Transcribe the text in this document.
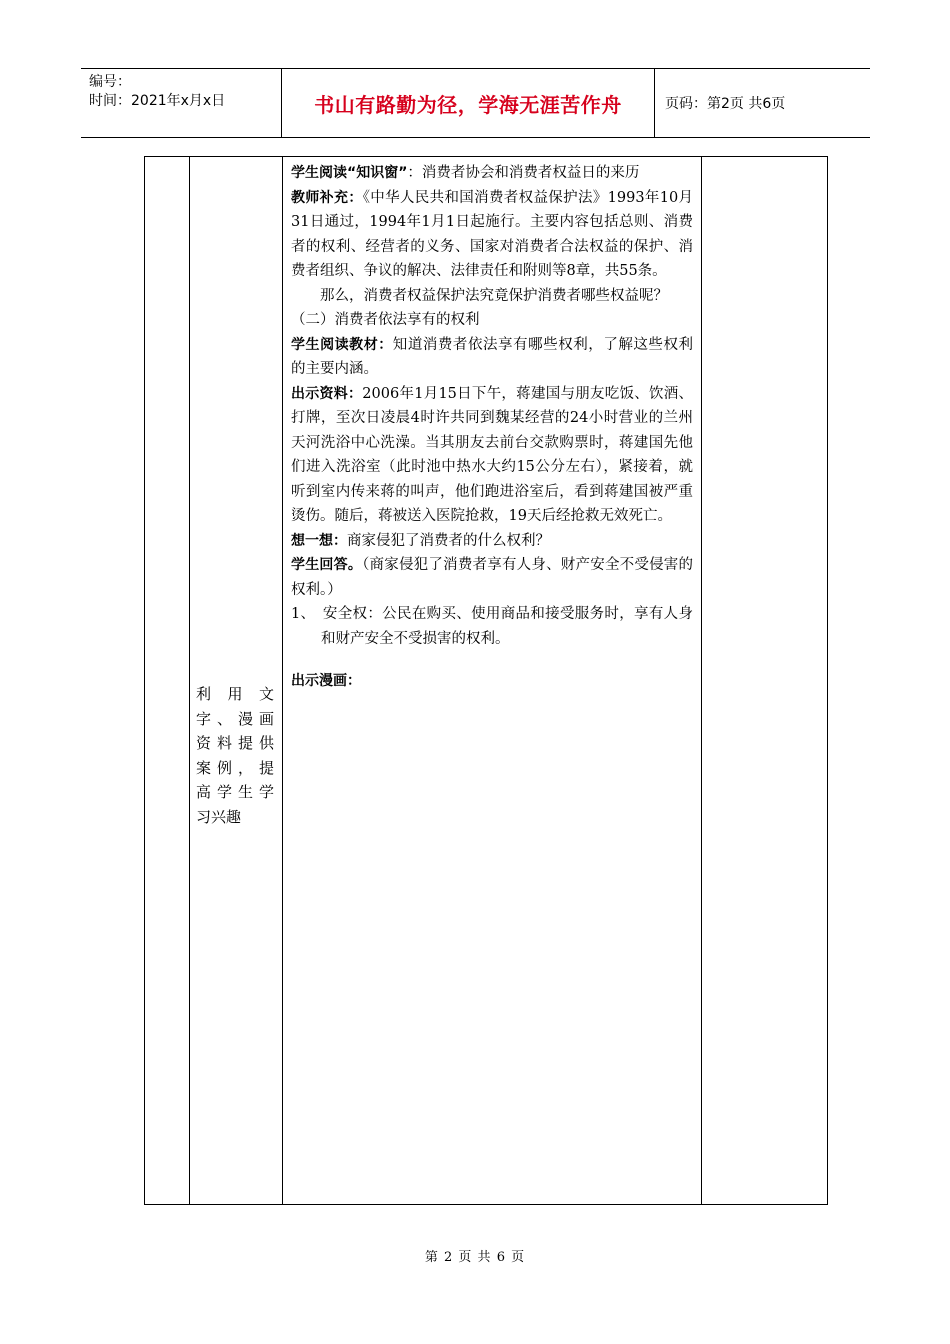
编号：
时间：2021年x月x日	书山有路勤为径，学海无涯苦作舟	页码：第2页 共6页
利 用 文
字、漫画
资料提供
案例，提
高学生学
习兴趣

学生阅读“知识窗”：消费者协会和消费者权益日的来历

教师补充：《中华人民共和国消费者权益保护法》1993年10月31日通过，1994年1月1日起施行。主要内容包括总则、消费者的权利、经营者的义务、国家对消费者合法权益的保护、消费者组织、争议的解决、法律责任和附则等8章，共55条。

那么，消费者权益保护法究竟保护消费者哪些权益呢？

（二）消费者依法享有的权利

学生阅读教材：知道消费者依法享有哪些权利，了解这些权利的主要内涵。

出示资料：2006年1月15日下午，蒋建国与朋友吃饭、饮酒、打牌，至次日凌晨4时许共同到魏某经营的24小时营业的兰州天河洗浴中心洗澡。当其朋友去前台交款购票时，蒋建国先他们进入洗浴室（此时池中热水大约15公分左右），紧接着，就听到室内传来蒋的叫声，他们跑进浴室后，看到蒋建国被严重烫伤。随后，蒋被送入医院抢救，19天后经抢救无效死亡。

想一想：商家侵犯了消费者的什么权利？

学生回答。（商家侵犯了消费者享有人身、财产安全不受侵害的权利。）

1、　安全权：公民在购买、使用商品和接受服务时，享有人身和财产安全不受损害的权利。

出示漫画：

第 2 页 共 6 页
